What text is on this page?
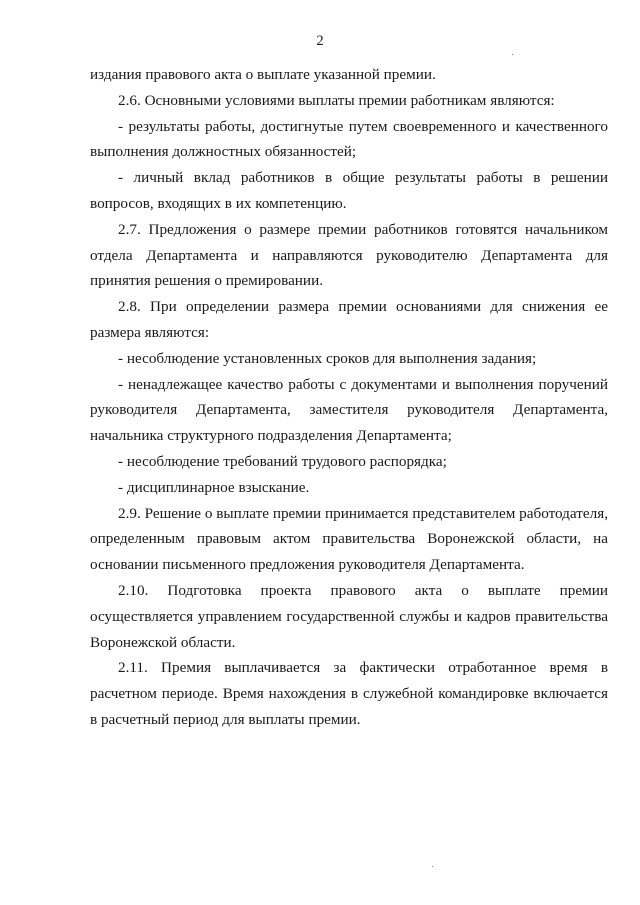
2

издания правового акта о выплате указанной премии.

2.6. Основными условиями выплаты премии работникам являются:

- результаты работы, достигнутые путем своевременного и качественного выполнения должностных обязанностей;

- личный вклад работников в общие результаты работы в решении вопросов, входящих в их компетенцию.

2.7. Предложения о размере премии работников готовятся начальником отдела Департамента и направляются руководителю Департамента для принятия решения о премировании.

2.8. При определении размера премии основаниями для снижения ее размера являются:

- несоблюдение установленных сроков для выполнения задания;

- ненадлежащее качество работы с документами и выполнения поручений руководителя Департамента, заместителя руководителя Департамента, начальника структурного подразделения Департамента;

- несоблюдение требований трудового распорядка;

- дисциплинарное взыскание.

2.9. Решение о выплате премии принимается представителем работодателя, определенным правовым актом правительства Воронежской области, на основании письменного предложения руководителя Департамента.

2.10. Подготовка проекта правового акта о выплате премии осуществляется управлением государственной службы и кадров правительства Воронежской области.

2.11. Премия выплачивается за фактически отработанное время в расчетном периоде. Время нахождения в служебной командировке включается в расчетный период для выплаты премии.
